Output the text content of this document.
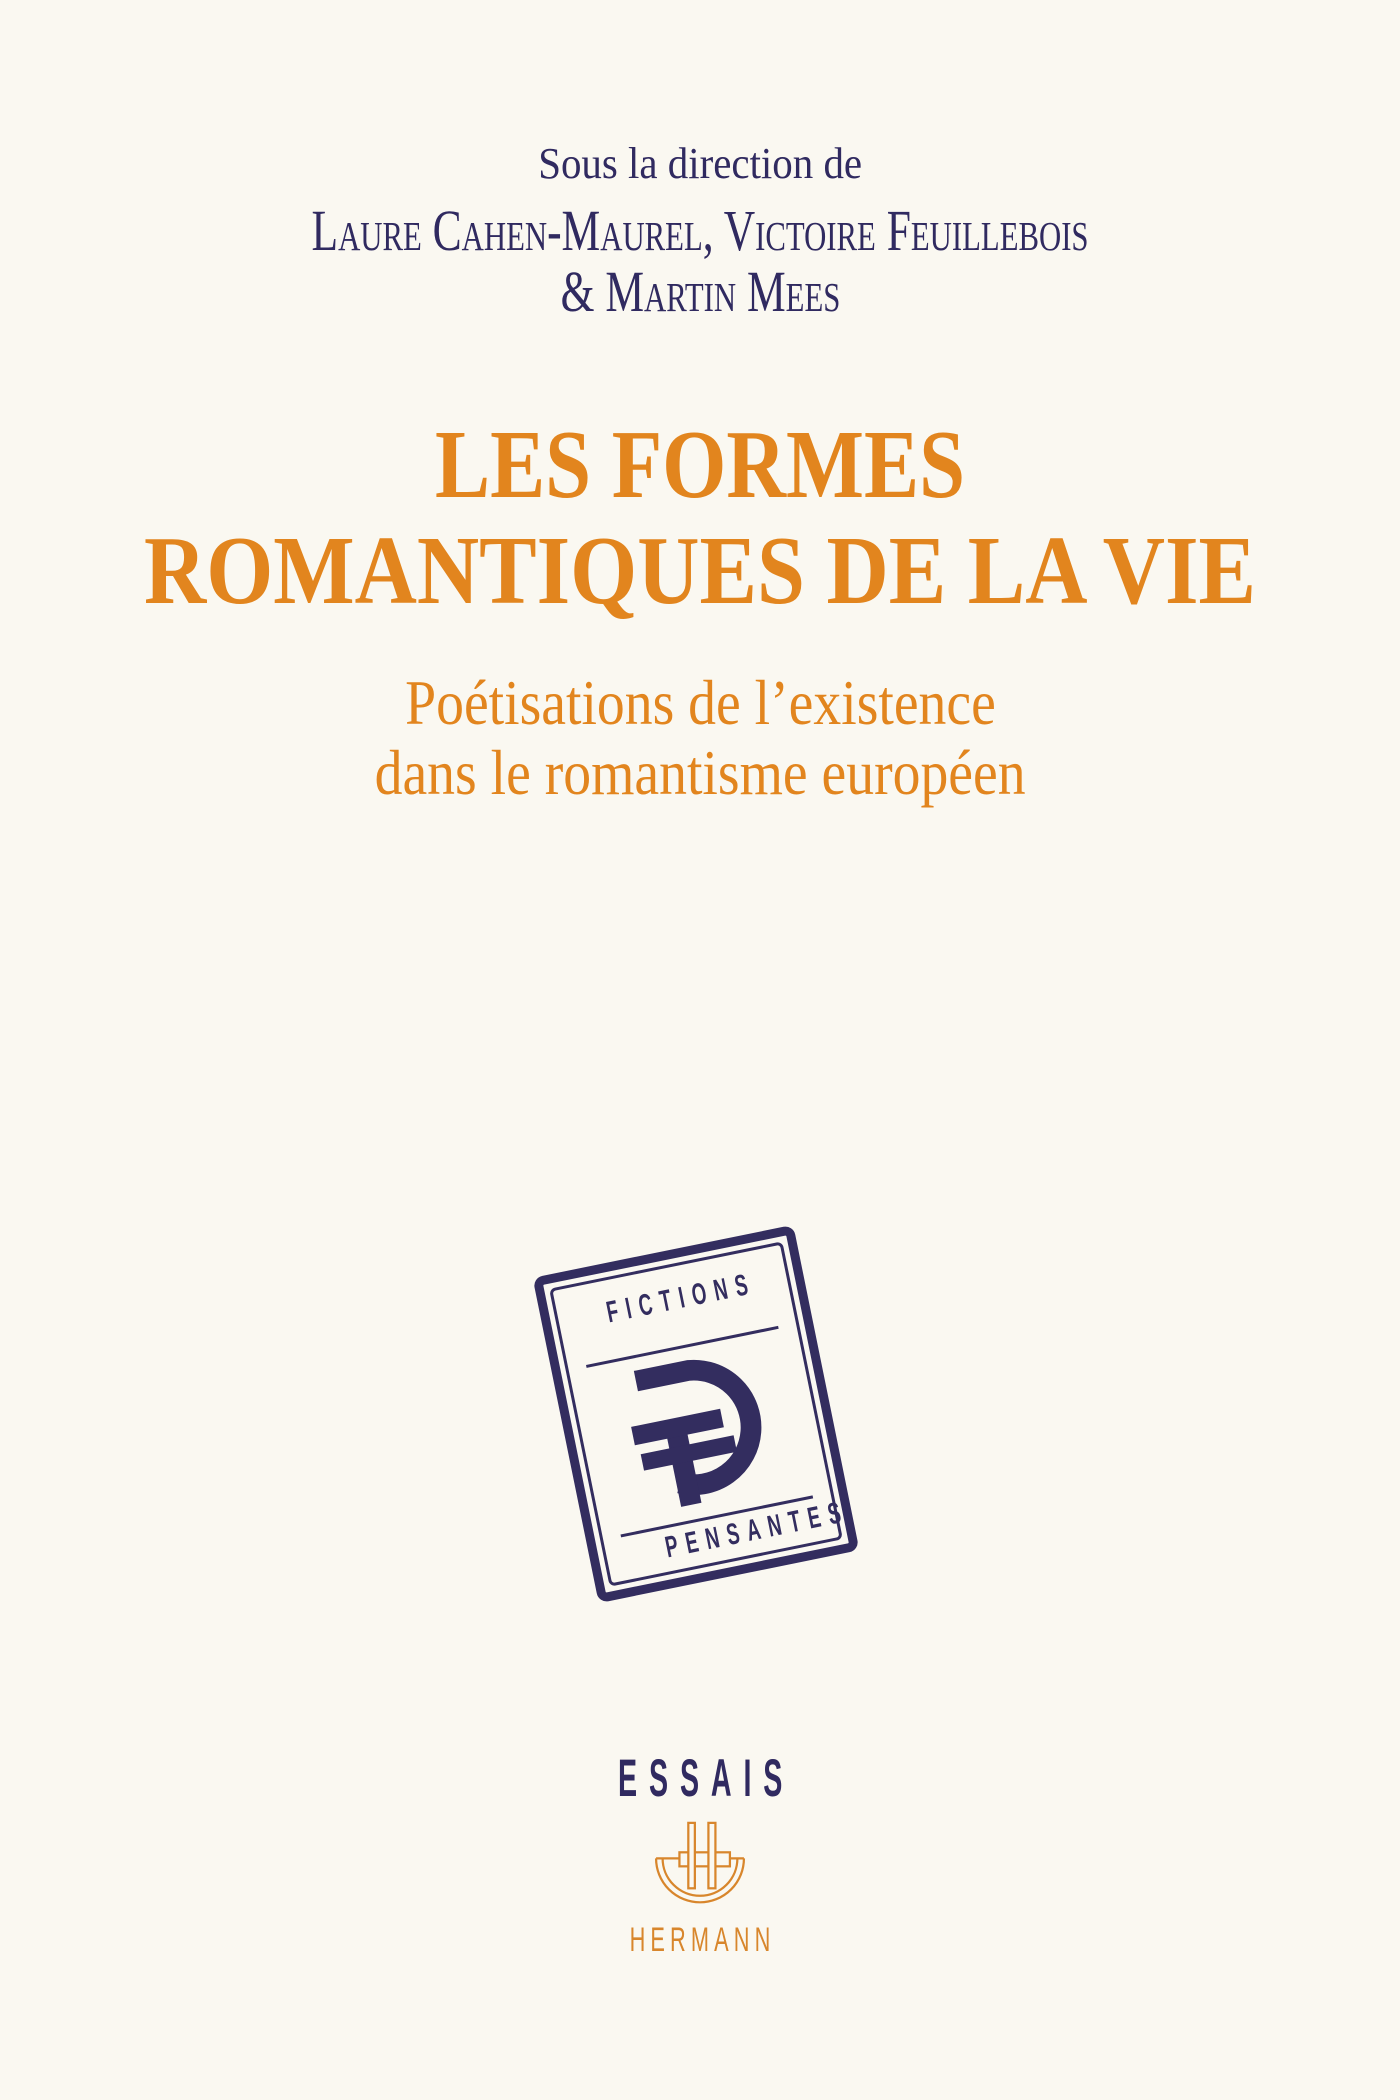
Sous la direction de
Laure Cahen-Maurel, Victoire Feuillebois
& Martin Mees
LES FORMES
ROMANTIQUES DE LA VIE
Poétisations de l’existence
dans le romantisme européen
FICTIONS
PENSANTES
ESSAIS
HERMANN
